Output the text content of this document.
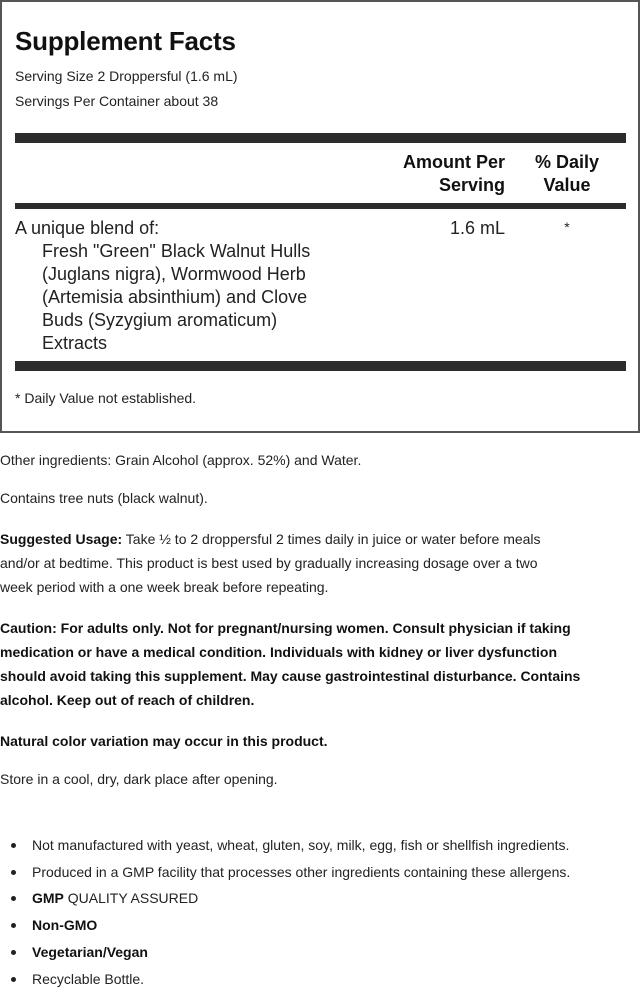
Supplement Facts
Serving Size 2 Droppersful (1.6 mL)
Servings Per Container about 38
Amount Per
Serving
% Daily
Value
A unique blend of:
Fresh "Green" Black Walnut Hulls
(Juglans nigra), Wormwood Herb
(Artemisia absinthium) and Clove
Buds (Syzygium aromaticum)
Extracts
1.6 mL	*
* Daily Value not established.

Other ingredients: Grain Alcohol (approx. 52%) and Water.

Contains tree nuts (black walnut).

Suggested Usage: Take ½ to 2 droppersful 2 times daily in juice or water before meals
and/or at bedtime. This product is best used by gradually increasing dosage over a two
week period with a one week break before repeating.

Caution: For adults only. Not for pregnant/nursing women. Consult physician if taking
medication or have a medical condition. Individuals with kidney or liver dysfunction
should avoid taking this supplement. May cause gastrointestinal disturbance. Contains
alcohol. Keep out of reach of children.

Natural color variation may occur in this product.

Store in a cool, dry, dark place after opening.

Not manufactured with yeast, wheat, gluten, soy, milk, egg, fish or shellfish ingredients.
Produced in a GMP facility that processes other ingredients containing these allergens.
GMP QUALITY ASSURED
Non-GMO
Vegetarian/Vegan
Recyclable Bottle.
